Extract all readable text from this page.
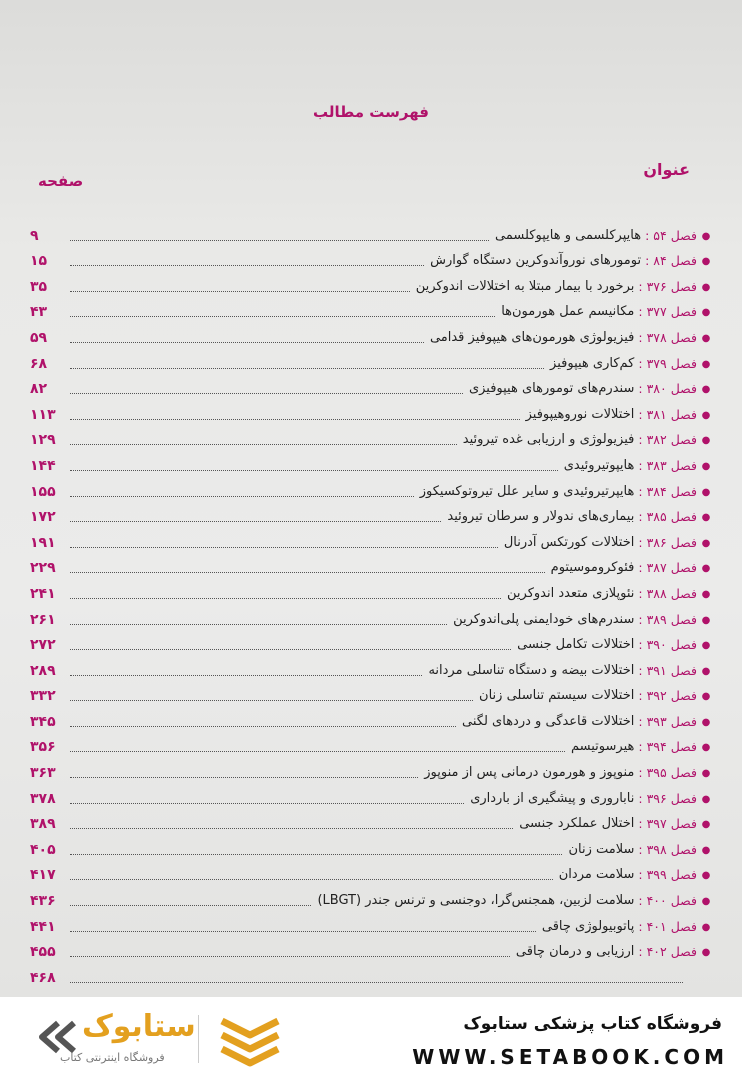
فهرست مطالب
عنوان
صفحه
●
فصل ۵۴
:
هایپرکلسمی و هایپوکلسمی
۹
●
فصل ۸۴
:
تومورهای نوروآندوکرین دستگاه گوارش
۱۵
●
فصل ۳۷۶
:
برخورد با بیمار مبتلا به اختلالات اندوکرین
۳۵
●
فصل ۳۷۷
:
مکانیسم عمل هورمون‌ها
۴۳
●
فصل ۳۷۸
:
فیزیولوژی هورمون‌های هیپوفیز قدامی
۵۹
●
فصل ۳۷۹
:
کم‌کاری هیپوفیز
۶۸
●
فصل ۳۸۰
:
سندرم‌های تومورهای هیپوفیزی
۸۲
●
فصل ۳۸۱
:
اختلالات نوروهیپوفیز
۱۱۳
●
فصل ۳۸۲
:
فیزیولوژی و ارزیابی غده تیروئید
۱۲۹
●
فصل ۳۸۳
:
هایپوتیروئیدی
۱۴۴
●
فصل ۳۸۴
:
هایپرتیروئیدی و سایر علل تیروتوکسیکوز
۱۵۵
●
فصل ۳۸۵
:
بیماری‌های ندولار و سرطان تیروئید
۱۷۲
●
فصل ۳۸۶
:
اختلالات کورتکس آدرنال
۱۹۱
●
فصل ۳۸۷
:
فئوکروموسیتوم
۲۲۹
●
فصل ۳۸۸
:
نئوپلازی متعدد اندوکرین
۲۴۱
●
فصل ۳۸۹
:
سندرم‌های خودایمنی پلی‌اندوکرین
۲۶۱
●
فصل ۳۹۰
:
اختلالات تکامل جنسی
۲۷۲
●
فصل ۳۹۱
:
اختلالات بیضه و دستگاه تناسلی مردانه
۲۸۹
●
فصل ۳۹۲
:
اختلالات سیستم تناسلی زنان
۳۳۲
●
فصل ۳۹۳
:
اختلالات قاعدگی و دردهای لگنی
۳۴۵
●
فصل ۳۹۴
:
هیرسوتیسم
۳۵۶
●
فصل ۳۹۵
:
منوپوز و هورمون درمانی پس از منوپوز
۳۶۳
●
فصل ۳۹۶
:
ناباروری و پیشگیری از بارداری
۳۷۸
●
فصل ۳۹۷
:
اختلال عملکرد جنسی
۳۸۹
●
فصل ۳۹۸
:
سلامت زنان
۴۰۵
●
فصل ۳۹۹
:
سلامت مردان
۴۱۷
●
فصل ۴۰۰
:
سلامت لزبین، همجنس‌گرا، دوجنسی و ترنس جندر (LBGT)
۴۳۶
●
فصل ۴۰۱
:
پاتوبیولوژی چاقی
۴۴۱
●
فصل ۴۰۲
:
ارزیابی و درمان چاقی
۴۵۵
۴۶۸
ستابوک
فروشگاه اینترنتی کتاب
فروشگاه کتاب پزشکی ستابوک
WWW.SETABOOK.COM
